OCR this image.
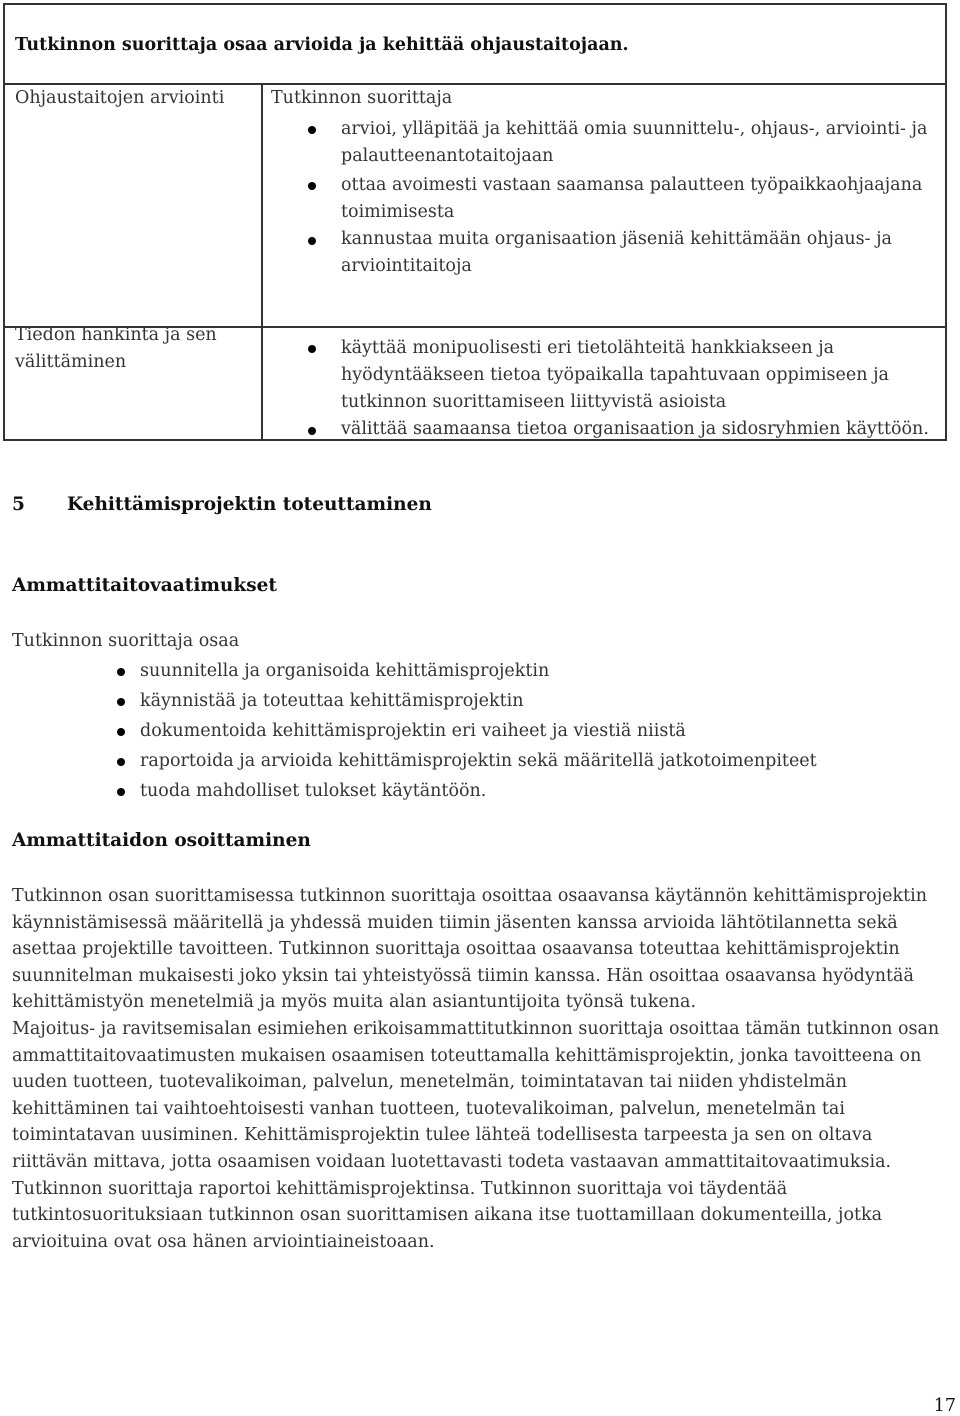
Tutkinnon suorittaja osaa arvioida ja kehittää ohjaustaitojaan.
Ohjaustaitojen arviointi	Tutkinnon suorittaja
arvioi, ylläpitää ja kehittää omia suunnittelu-, ohjaus-, arviointi- ja
palautteenantotaitojaan
ottaa avoimesti vastaan saamansa palautteen työpaikkaohjaajana
toimimisesta
kannustaa muita organisaation jäseniä kehittämään ohjaus- ja
arviointitaitoja
Tiedon hankinta ja sen
välittäminen
käyttää monipuolisesti eri tietolähteitä hankkiakseen ja
hyödyntääkseen tietoa työpaikalla tapahtuvaan oppimiseen ja
tutkinnon suorittamiseen liittyvistä asioista
välittää saamaansa tietoa organisaation ja sidosryhmien käyttöön.
5 Kehittämisprojektin toteuttaminen
Ammattitaitovaatimukset
Tutkinnon suorittaja osaa
suunnitella ja organisoida kehittämisprojektin
käynnistää ja toteuttaa kehittämisprojektin
dokumentoida kehittämisprojektin eri vaiheet ja viestiä niistä
raportoida ja arvioida kehittämisprojektin sekä määritellä jatkotoimenpiteet
tuoda mahdolliset tulokset käytäntöön.
Ammattitaidon osoittaminen
Tutkinnon osan suorittamisessa tutkinnon suorittaja osoittaa osaavansa käytännön kehittämisprojektin
käynnistämisessä määritellä ja yhdessä muiden tiimin jäsenten kanssa arvioida lähtötilannetta sekä
asettaa projektille tavoitteen. Tutkinnon suorittaja osoittaa osaavansa toteuttaa kehittämisprojektin
suunnitelman mukaisesti joko yksin tai yhteistyössä tiimin kanssa. Hän osoittaa osaavansa hyödyntää
kehittämistyön menetelmiä ja myös muita alan asiantuntijoita työnsä tukena.
Majoitus- ja ravitsemisalan esimiehen erikoisammattitutkinnon suorittaja osoittaa tämän tutkinnon osan
ammattitaitovaatimusten mukaisen osaamisen toteuttamalla kehittämisprojektin, jonka tavoitteena on
uuden tuotteen, tuotevalikoiman, palvelun, menetelmän, toimintatavan tai niiden yhdistelmän
kehittäminen tai vaihtoehtoisesti vanhan tuotteen, tuotevalikoiman, palvelun, menetelmän tai
toimintatavan uusiminen. Kehittämisprojektin tulee lähteä todellisesta tarpeesta ja sen on oltava
riittävän mittava, jotta osaamisen voidaan luotettavasti todeta vastaavan ammattitaitovaatimuksia.
Tutkinnon suorittaja raportoi kehittämisprojektinsa. Tutkinnon suorittaja voi täydentää
tutkintosuorituksiaan tutkinnon osan suorittamisen aikana itse tuottamillaan dokumenteilla, jotka
arvioituina ovat osa hänen arviointiaineistoaan.
17
